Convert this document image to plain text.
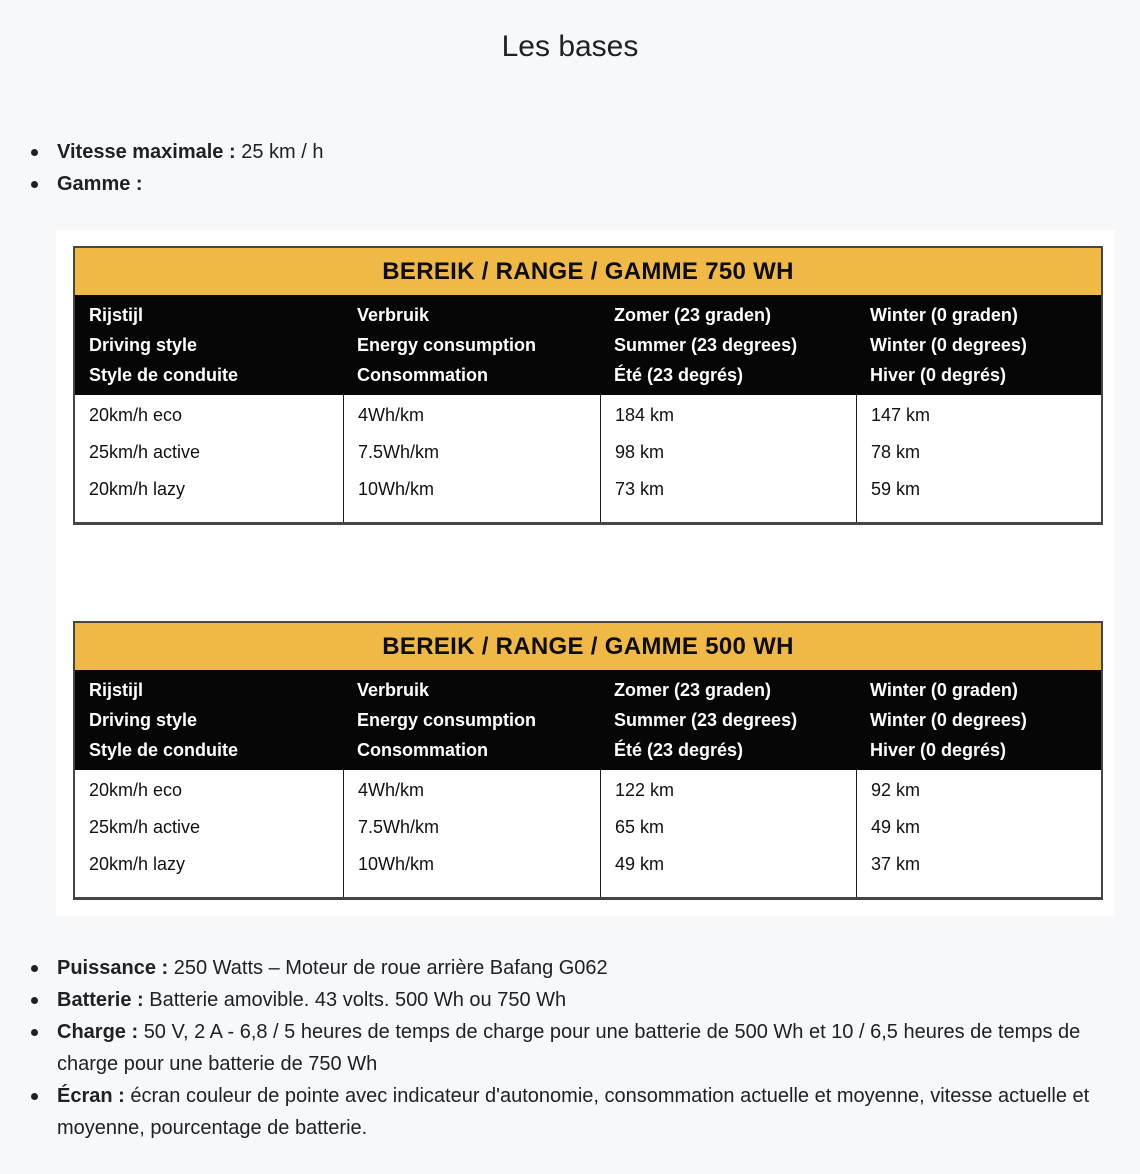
Les bases
Vitesse maximale : 25 km / h
Gamme :
BEREIK / RANGE / GAMME 750 WH
Rijstijl
Driving style
Style de conduite
Verbruik
Energy consumption
Consommation
Zomer (23 graden)
Summer (23 degrees)
Été (23 degrés)
Winter (0 graden)
Winter (0 degrees)
Hiver (0 degrés)
20km/h eco
25km/h active
20km/h lazy
4Wh/km
7.5Wh/km
10Wh/km
184 km
98 km
73 km
147 km
78 km
59 km
BEREIK / RANGE / GAMME 500 WH
Rijstijl
Driving style
Style de conduite
Verbruik
Energy consumption
Consommation
Zomer (23 graden)
Summer (23 degrees)
Été (23 degrés)
Winter (0 graden)
Winter (0 degrees)
Hiver (0 degrés)
20km/h eco
25km/h active
20km/h lazy
4Wh/km
7.5Wh/km
10Wh/km
122 km
65 km
49 km
92 km
49 km
37 km
Puissance : 250 Watts – Moteur de roue arrière Bafang G062
Batterie : Batterie amovible. 43 volts. 500 Wh ou 750 Wh
Charge : 50 V, 2 A - 6,8 / 5 heures de temps de charge pour une batterie de 500 Wh et 10 / 6,5 heures de temps de charge pour une batterie de 750 Wh
Écran : écran couleur de pointe avec indicateur d'autonomie, consommation actuelle et moyenne, vitesse actuelle et moyenne, pourcentage de batterie.
